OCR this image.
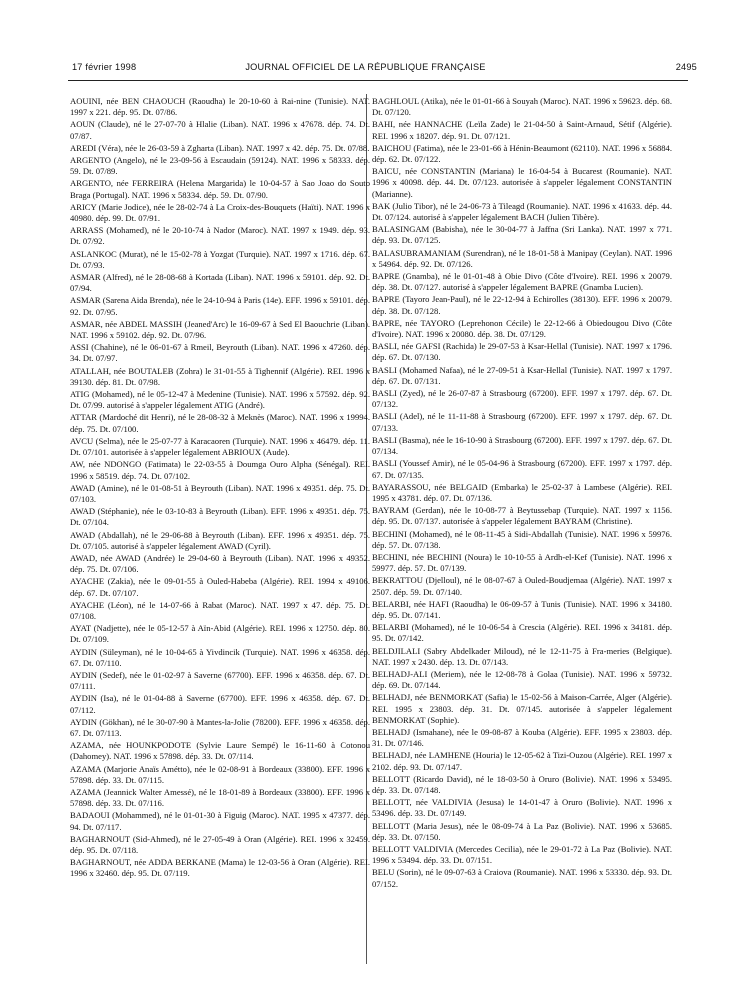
17 février 1998	JOURNAL OFFICIEL DE LA RÉPUBLIQUE FRANÇAISE	2495

AOUINI, née BEN CHAOUCH (Raoudha) le 20-10-60 à Rai-nine (Tunisie). NAT. 1997 x 221. dép. 95. Dt. 07/86.

AOUN (Claude), né le 27-07-70 à Hlalie (Liban). NAT. 1996 x 47678. dép. 74. Dt. 07/87.

AREDI (Véra), née le 26-03-59 à Zgharta (Liban). NAT. 1997 x 42. dép. 75. Dt. 07/88.

ARGENTO (Angelo), né le 23-09-56 à Escaudain (59124). NAT. 1996 x 58333. dép. 59. Dt. 07/89.

ARGENTO, née FERREIRA (Helena Margarida) le 10-04-57 à Sao Joao do Souto Braga (Portugal). NAT. 1996 x 58334. dép. 59. Dt. 07/90.

ARICY (Marie Jodice), née le 28-02-74 à La Croix-des-Bouquets (Haïti). NAT. 1996 x 40980. dép. 99. Dt. 07/91.

ARRASS (Mohamed), né le 20-10-74 à Nador (Maroc). NAT. 1997 x 1949. dép. 93. Dt. 07/92.

ASLANKOC (Murat), né le 15-02-78 à Yozgat (Turquie). NAT. 1997 x 1716. dép. 67. Dt. 07/93.

ASMAR (Alfred), né le 28-08-68 à Kortada (Liban). NAT. 1996 x 59101. dép. 92. Dt. 07/94.

ASMAR (Sarena Aida Brenda), née le 24-10-94 à Paris (14e). EFF. 1996 x 59101. dép. 92. Dt. 07/95.

ASMAR, née ABDEL MASSIH (Jeaned'Arc) le 16-09-67 à Sed El Baouchrie (Liban). NAT. 1996 x 59102. dép. 92. Dt. 07/96.

ASSI (Chahine), né le 06-01-67 à Rmeil, Beyrouth (Liban). NAT. 1996 x 47260. dép. 34. Dt. 07/97.

ATALLAH, née BOUTALEB (Zohra) le 31-01-55 à Tighennif (Algérie). REI. 1996 x 39130. dép. 81. Dt. 07/98.

ATIG (Mohamed), né le 05-12-47 à Medenine (Tunisie). NAT. 1996 x 57592. dép. 92. Dt. 07/99. autorisé à s'appeler légalement ATIG (André).

ATTAR (Mardoché dit Henri), né le 28-08-32 à Meknès (Maroc). NAT. 1996 x 19994. dép. 75. Dt. 07/100.

AVCU (Selma), née le 25-07-77 à Karacaoren (Turquie). NAT. 1996 x 46479. dép. 11. Dt. 07/101. autorisée à s'appeler légalement ABRIOUX (Aude).

AW, née NDONGO (Fatimata) le 22-03-55 à Doumga Ouro Alpha (Sénégal). REI. 1996 x 58519. dép. 74. Dt. 07/102.

AWAD (Amine), né le 01-08-51 à Beyrouth (Liban). NAT. 1996 x 49351. dép. 75. Dt. 07/103.

AWAD (Stéphanie), née le 03-10-83 à Beyrouth (Liban). EFF. 1996 x 49351. dép. 75. Dt. 07/104.

AWAD (Abdallah), né le 29-06-88 à Beyrouth (Liban). EFF. 1996 x 49351. dép. 75. Dt. 07/105. autorisé à s'appeler légalement AWAD (Cyril).

AWAD, née AWAD (Andrée) le 29-04-60 à Beyrouth (Liban). NAT. 1996 x 49352. dép. 75. Dt. 07/106.

AYACHE (Zakia), née le 09-01-55 à Ouled-Habeba (Algérie). REI. 1994 x 49106. dép. 67. Dt. 07/107.

AYACHE (Léon), né le 14-07-66 à Rabat (Maroc). NAT. 1997 x 47. dép. 75. Dt. 07/108.

AYAT (Nadjette), née le 05-12-57 à Aïn-Abid (Algérie). REI. 1996 x 12750. dép. 80. Dt. 07/109.

AYDIN (Süleyman), né le 10-04-65 à Yivdincik (Turquie). NAT. 1996 x 46358. dép. 67. Dt. 07/110.

AYDIN (Sedef), née le 01-02-97 à Saverne (67700). EFF. 1996 x 46358. dép. 67. Dt. 07/111.

AYDIN (Isa), né le 01-04-88 à Saverne (67700). EFF. 1996 x 46358. dép. 67. Dt. 07/112.

AYDIN (Gökhan), né le 30-07-90 à Mantes-la-Jolie (78200). EFF. 1996 x 46358. dép. 67. Dt. 07/113.

AZAMA, née HOUNKPODOTE (Sylvie Laure Sempé) le 16-11-60 à Cotonou (Dahomey). NAT. 1996 x 57898. dép. 33. Dt. 07/114.

AZAMA (Marjorie Anaïs Amétto), née le 02-08-91 à Bordeaux (33800). EFF. 1996 x 57898. dép. 33. Dt. 07/115.

AZAMA (Jeannick Walter Amessé), né le 18-01-89 à Bordeaux (33800). EFF. 1996 x 57898. dép. 33. Dt. 07/116.

BADAOUI (Mohammed), né le 01-01-30 à Figuig (Maroc). NAT. 1995 x 47377. dép. 94. Dt. 07/117.

BAGHARNOUT (Sid-Ahmed), né le 27-05-49 à Oran (Algérie). REI. 1996 x 32459. dép. 95. Dt. 07/118.

BAGHARNOUT, née ADDA BERKANE (Mama) le 12-03-56 à Oran (Algérie). REI. 1996 x 32460. dép. 95. Dt. 07/119.

BAGHLOUL (Atika), née le 01-01-66 à Souyah (Maroc). NAT. 1996 x 59623. dép. 68. Dt. 07/120.

BAHI, née HANNACHE (Leïla Zade) le 21-04-50 à Saint-Arnaud, Sétif (Algérie). REI. 1996 x 18207. dép. 91. Dt. 07/121.

BAICHOU (Fatima), née le 23-01-66 à Hénin-Beaumont (62110). NAT. 1996 x 56884. dép. 62. Dt. 07/122.

BAICU, née CONSTANTIN (Mariana) le 16-04-54 à Bucarest (Roumanie). NAT. 1996 x 40098. dép. 44. Dt. 07/123. autorisée à s'appeler légalement CONSTANTIN (Marianne).

BAK (Julio Tibor), né le 24-06-73 à Tileagd (Roumanie). NAT. 1996 x 41633. dép. 44. Dt. 07/124. autorisé à s'appeler légalement BACH (Julien Tibère).

BALASINGAM (Babisha), née le 30-04-77 à Jaffna (Sri Lanka). NAT. 1997 x 771. dép. 93. Dt. 07/125.

BALASUBRAMANIAM (Surendran), né le 18-01-58 à Manipay (Ceylan). NAT. 1996 x 54964. dép. 92. Dt. 07/126.

BAPRE (Gnamba), né le 01-01-48 à Obie Divo (Côte d'Ivoire). REI. 1996 x 20079. dép. 38. Dt. 07/127. autorisé à s'appeler légalement BAPRE (Gnamba Lucien).

BAPRE (Tayoro Jean-Paul), né le 22-12-94 à Echirolles (38130). EFF. 1996 x 20079. dép. 38. Dt. 07/128.

BAPRE, née TAYORO (Leprehonon Cécile) le 22-12-66 à Obiedougou Divo (Côte d'Ivoire). NAT. 1996 x 20080. dép. 38. Dt. 07/129.

BASLI, née GAFSI (Rachida) le 29-07-53 à Ksar-Hellal (Tunisie). NAT. 1997 x 1796. dép. 67. Dt. 07/130.

BASLI (Mohamed Nafaa), né le 27-09-51 à Ksar-Hellal (Tunisie). NAT. 1997 x 1797. dép. 67. Dt. 07/131.

BASLI (Zyed), né le 26-07-87 à Strasbourg (67200). EFF. 1997 x 1797. dép. 67. Dt. 07/132.

BASLI (Adel), né le 11-11-88 à Strasbourg (67200). EFF. 1997 x 1797. dép. 67. Dt. 07/133.

BASLI (Basma), née le 16-10-90 à Strasbourg (67200). EFF. 1997 x 1797. dép. 67. Dt. 07/134.

BASLI (Youssef Amir), né le 05-04-96 à Strasbourg (67200). EFF. 1997 x 1797. dép. 67. Dt. 07/135.

BAYARASSOU, née BELGAID (Embarka) le 25-02-37 à Lambese (Algérie). REI. 1995 x 43781. dép. 07. Dt. 07/136.

BAYRAM (Gerdan), née le 10-08-77 à Beytussebap (Turquie). NAT. 1997 x 1156. dép. 95. Dt. 07/137. autorisée à s'appeler légalement BAYRAM (Christine).

BECHINI (Mohamed), né le 08-11-45 à Sidi-Abdallah (Tunisie). NAT. 1996 x 59976. dép. 57. Dt. 07/138.

BECHINI, née BECHINI (Noura) le 10-10-55 à Ardh-el-Kef (Tunisie). NAT. 1996 x 59977. dép. 57. Dt. 07/139.

BEKRATTOU (Djelloul), né le 08-07-67 à Ouled-Boudjemaa (Algérie). NAT. 1997 x 2507. dép. 59. Dt. 07/140.

BELARBI, née HAFI (Raoudha) le 06-09-57 à Tunis (Tunisie). NAT. 1996 x 34180. dép. 95. Dt. 07/141.

BELARBI (Mohamed), né le 10-06-54 à Crescia (Algérie). REI. 1996 x 34181. dép. 95. Dt. 07/142.

BELDJILALI (Sabry Abdelkader Miloud), né le 12-11-75 à Fra-meries (Belgique). NAT. 1997 x 2430. dép. 13. Dt. 07/143.

BELHADJ-ALI (Meriem), née le 12-08-78 à Golaa (Tunisie). NAT. 1996 x 59732. dép. 69. Dt. 07/144.

BELHADJ, née BENMORKAT (Safia) le 15-02-56 à Maison-Carrée, Alger (Algérie). REI. 1995 x 23803. dép. 31. Dt. 07/145. autorisée à s'appeler légalement BENMORKAT (Sophie).

BELHADJ (Ismahane), née le 09-08-87 à Kouba (Algérie). EFF. 1995 x 23803. dép. 31. Dt. 07/146.

BELHADJ, née LAMHENE (Houria) le 12-05-62 à Tizi-Ouzou (Algérie). REI. 1997 x 2102. dép. 93. Dt. 07/147.

BELLOTT (Ricardo David), né le 18-03-50 à Oruro (Bolivie). NAT. 1996 x 53495. dép. 33. Dt. 07/148.

BELLOTT, née VALDIVIA (Jesusa) le 14-01-47 à Oruro (Bolivie). NAT. 1996 x 53496. dép. 33. Dt. 07/149.

BELLOTT (Maria Jesus), née le 08-09-74 à La Paz (Bolivie). NAT. 1996 x 53685. dép. 33. Dt. 07/150.

BELLOTT VALDIVIA (Mercedes Cecilia), née le 29-01-72 à La Paz (Bolivie). NAT. 1996 x 53494. dép. 33. Dt. 07/151.

BELU (Sorin), né le 09-07-63 à Craiova (Roumanie). NAT. 1996 x 53330. dép. 93. Dt. 07/152.
